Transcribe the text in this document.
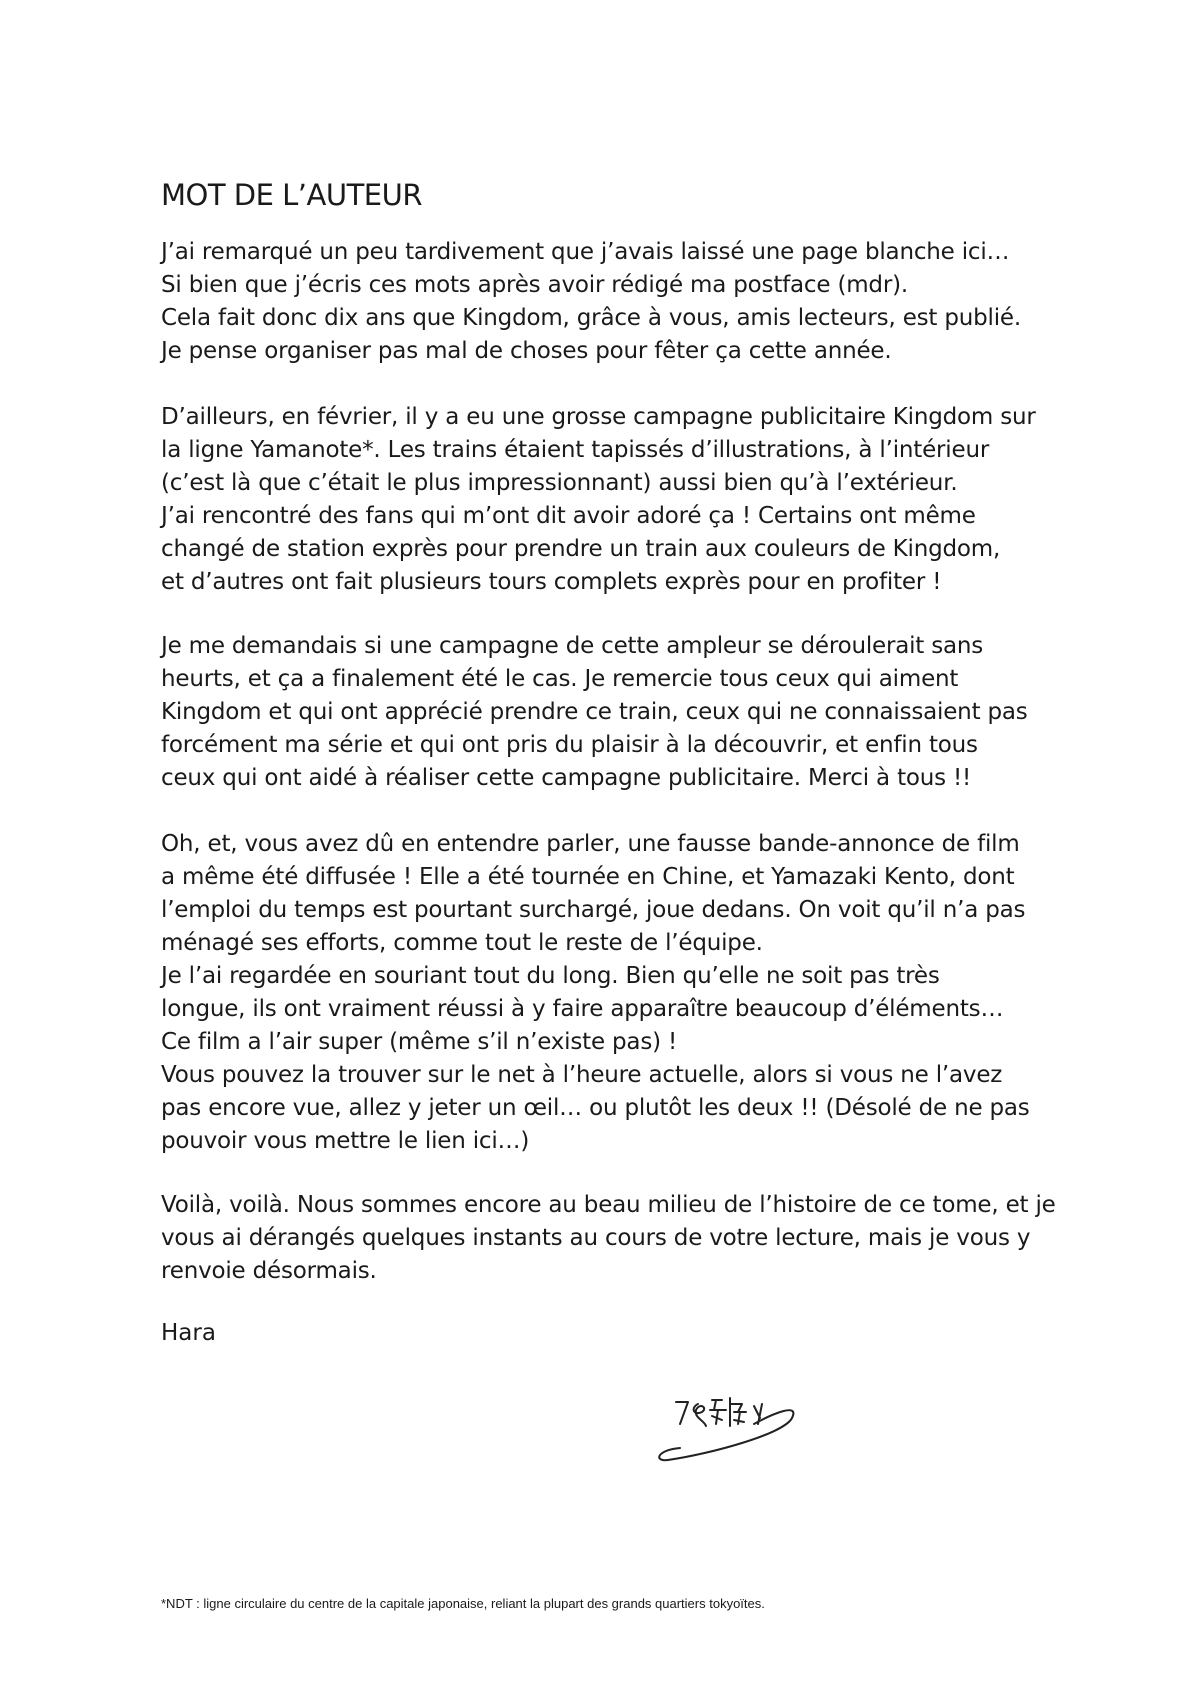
MOT DE L’AUTEUR
J’ai remarqué un peu tardivement que j’avais laissé une page blanche ici…
Si bien que j’écris ces mots après avoir rédigé ma postface (mdr).
Cela fait donc dix ans que Kingdom, grâce à vous, amis lecteurs, est publié.
Je pense organiser pas mal de choses pour fêter ça cette année.
D’ailleurs, en février, il y a eu une grosse campagne publicitaire Kingdom sur
la ligne Yamanote*. Les trains étaient tapissés d’illustrations, à l’intérieur
(c’est là que c’était le plus impressionnant) aussi bien qu’à l’extérieur.
J’ai rencontré des fans qui m’ont dit avoir adoré ça ! Certains ont même
changé de station exprès pour prendre un train aux couleurs de Kingdom,
et d’autres ont fait plusieurs tours complets exprès pour en profiter !
Je me demandais si une campagne de cette ampleur se déroulerait sans
heurts, et ça a finalement été le cas. Je remercie tous ceux qui aiment
Kingdom et qui ont apprécié prendre ce train, ceux qui ne connaissaient pas
forcément ma série et qui ont pris du plaisir à la découvrir, et enfin tous
ceux qui ont aidé à réaliser cette campagne publicitaire. Merci à tous !!
Oh, et, vous avez dû en entendre parler, une fausse bande-annonce de film
a même été diffusée ! Elle a été tournée en Chine, et Yamazaki Kento, dont
l’emploi du temps est pourtant surchargé, joue dedans. On voit qu’il n’a pas
ménagé ses efforts, comme tout le reste de l’équipe.
Je l’ai regardée en souriant tout du long. Bien qu’elle ne soit pas très
longue, ils ont vraiment réussi à y faire apparaître beaucoup d’éléments…
Ce film a l’air super (même s’il n’existe pas) !
Vous pouvez la trouver sur le net à l’heure actuelle, alors si vous ne l’avez
pas encore vue, allez y jeter un œil… ou plutôt les deux !! (Désolé de ne pas
pouvoir vous mettre le lien ici…)
Voilà, voilà. Nous sommes encore au beau milieu de l’histoire de ce tome, et je
vous ai dérangés quelques instants au cours de votre lecture, mais je vous y
renvoie désormais.
Hara
*NDT : ligne circulaire du centre de la capitale japonaise, reliant la plupart des grands quartiers tokyoïtes.
